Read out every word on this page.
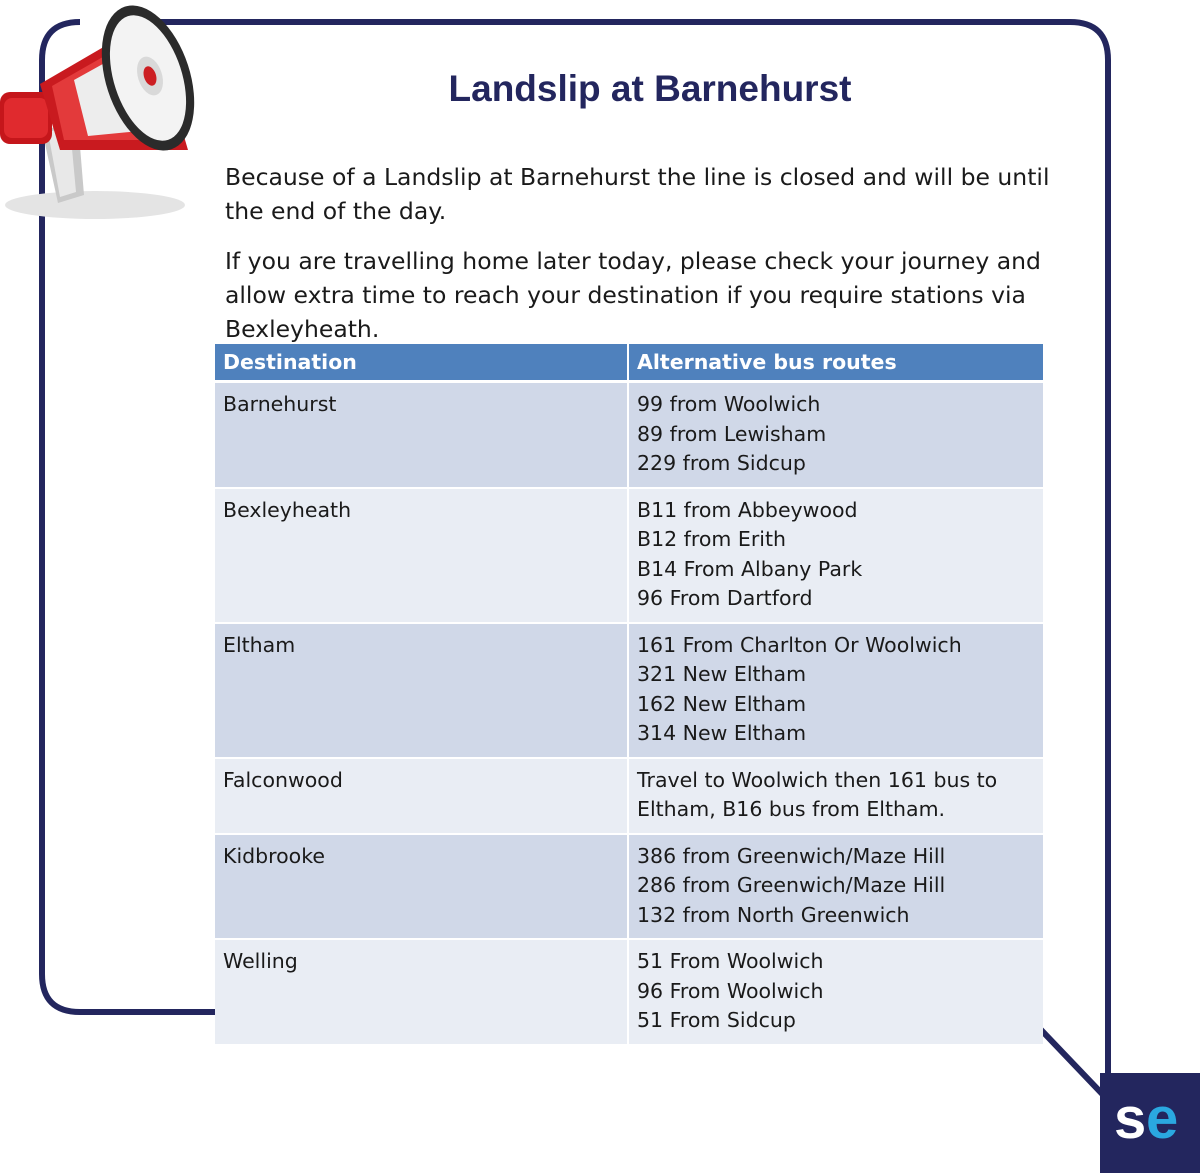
Landslip at Barnehurst

Because of a Landslip at Barnehurst the line is closed and will be until the end of the day.

If you are travelling home later today, please check your journey and allow extra time to reach your destination if you require stations via Bexleyheath.

Destination	Alternative bus routes
Barnehurst	99 from Woolwich
89 from Lewisham
229 from Sidcup

Bexleyheath	B11 from Abbeywood
B12 from Erith
B14 From Albany Park
96 From Dartford

Eltham	161 From Charlton Or Woolwich
321 New Eltham
162 New Eltham
314 New Eltham

Falconwood	Travel to Woolwich then 161 bus to
Eltham, B16 bus from Eltham.

Kidbrooke	386 from Greenwich/Maze Hill
286 from Greenwich/Maze Hill
132 from North Greenwich

Welling	51 From Woolwich
96 From Woolwich
51 From Sidcup
s e
